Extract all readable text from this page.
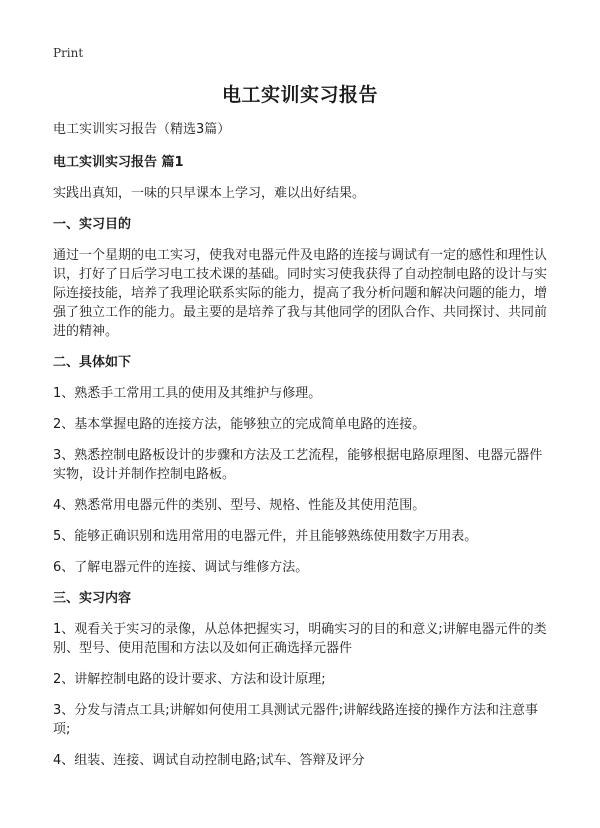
Print
电工实训实习报告

电工实训实习报告（精选3篇）

电工实训实习报告 篇1

实践出真知，一味的只早课本上学习，难以出好结果。

一、实习目的

通过一个星期的电工实习，使我对电器元件及电路的连接与调试有一定的感性和理性认识，打好了日后学习电工技术课的基础。同时实习使我获得了自动控制电路的设计与实际连接技能，培养了我理论联系实际的能力，提高了我分析问题和解决问题的能力，增强了独立工作的能力。最主要的是培养了我与其他同学的团队合作、共同探讨、共同前进的精神。

二、具体如下

1、熟悉手工常用工具的使用及其维护与修理。

2、基本掌握电路的连接方法，能够独立的完成简单电路的连接。

3、熟悉控制电路板设计的步骤和方法及工艺流程，能够根据电路原理图、电器元器件实物，设计并制作控制电路板。

4、熟悉常用电器元件的类别、型号、规格、性能及其使用范围。

5、能够正确识别和选用常用的电器元件，并且能够熟练使用数字万用表。

6、了解电器元件的连接、调试与维修方法。

三、实习内容

1、观看关于实习的录像，从总体把握实习，明确实习的目的和意义;讲解电器元件的类别、型号、使用范围和方法以及如何正确选择元器件

2、讲解控制电路的设计要求、方法和设计原理;

3、分发与清点工具;讲解如何使用工具测试元器件;讲解线路连接的操作方法和注意事项;

4、组装、连接、调试自动控制电路;试车、答辩及评分
